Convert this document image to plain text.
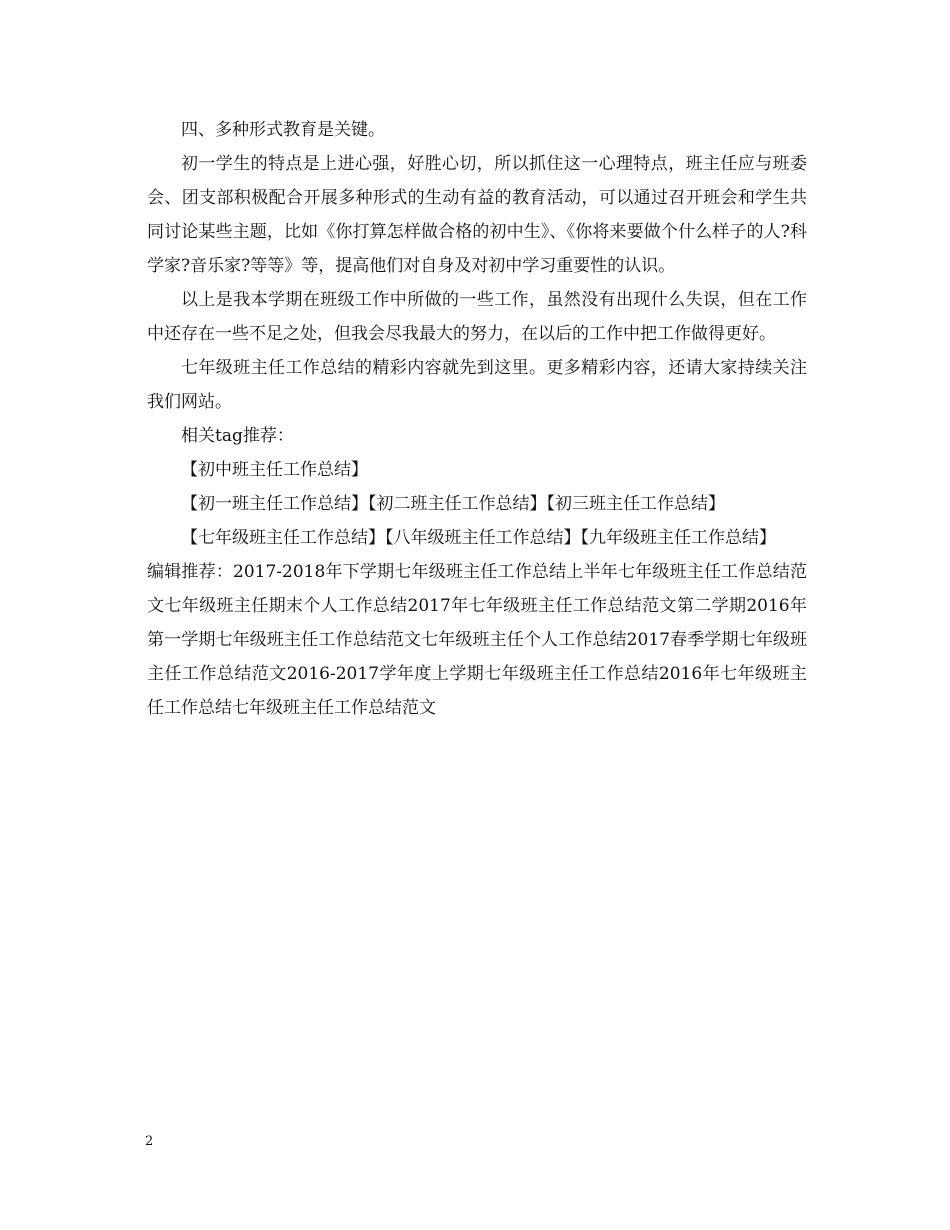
四、多种形式教育是关键。

初一学生的特点是上进心强，好胜心切，所以抓住这一心理特点，班主任应与班委会、团支部积极配合开展多种形式的生动有益的教育活动，可以通过召开班会和学生共同讨论某些主题，比如《你打算怎样做合格的初中生》、《你将来要做个什么样子的人?科学家?音乐家?等等》等，提高他们对自身及对初中学习重要性的认识。

以上是我本学期在班级工作中所做的一些工作，虽然没有出现什么失误，但在工作中还存在一些不足之处，但我会尽我最大的努力，在以后的工作中把工作做得更好。

七年级班主任工作总结的精彩内容就先到这里。更多精彩内容，还请大家持续关注我们网站。

相关tag推荐：

【初中班主任工作总结】

【初一班主任工作总结】【初二班主任工作总结】【初三班主任工作总结】

【七年级班主任工作总结】【八年级班主任工作总结】【九年级班主任工作总结】

编辑推荐：2017-2018年下学期七年级班主任工作总结上半年七年级班主任工作总结范文七年级班主任期末个人工作总结2017年七年级班主任工作总结范文第二学期2016年第一学期七年级班主任工作总结范文七年级班主任个人工作总结2017春季学期七年级班主任工作总结范文2016-2017学年度上学期七年级班主任工作总结2016年七年级班主任工作总结七年级班主任工作总结范文

2
